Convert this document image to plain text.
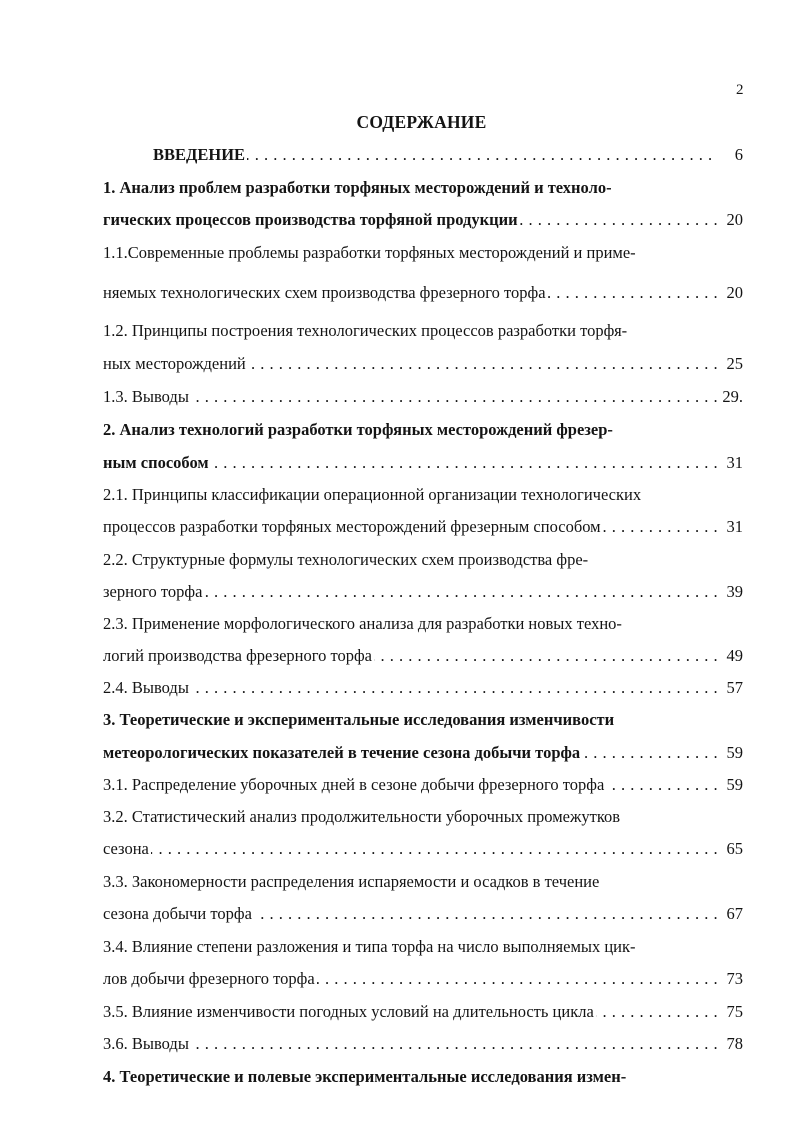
2
СОДЕРЖАНИЕ
. . . ВВЕДЕНИЕ	6
1. Анализ проблем разработки торфяных месторождений и техноло-
. . . гических процессов производства торфяной продукции	20
1.1.Современные проблемы разработки торфяных месторождений и приме-
. . . няемых технологических схем производства фрезерного торфа	20
1.2. Принципы построения технологических процессов разработки торфя-
. . . ных месторождений	25
. . . 1.3. Выводы	29.
2. Анализ технологий разработки торфяных месторождений фрезер-
. . . ным способом	31
2.1. Принципы классификации операционной организации технологических
. . . процессов разработки торфяных месторождений фрезерным способом	31
2.2. Структурные формулы технологических схем производства фре-
. . . зерного торфа	39
2.3. Применение морфологического анализа для разработки новых техно-
. . . логий производства фрезерного торфа	49
. . . 2.4. Выводы	57
3. Теоретические и экспериментальные исследования изменчивости
. . . метеорологических показателей в течение сезона добычи торфа	59
. . . 3.1. Распределение уборочных дней в сезоне добычи фрезерного торфа	59
3.2. Статистический анализ продолжительности уборочных промежутков
. . . сезона	65
3.3. Закономерности распределения испаряемости и осадков в течение
. . . сезона добычи торфа	67
3.4. Влияние степени разложения и типа торфа на число выполняемых цик-
. . . лов добычи фрезерного торфа	73
. . . 3.5. Влияние изменчивости погодных условий на длительность цикла	75
. . . 3.6. Выводы	78
4. Теоретические и полевые экспериментальные исследования измен-
